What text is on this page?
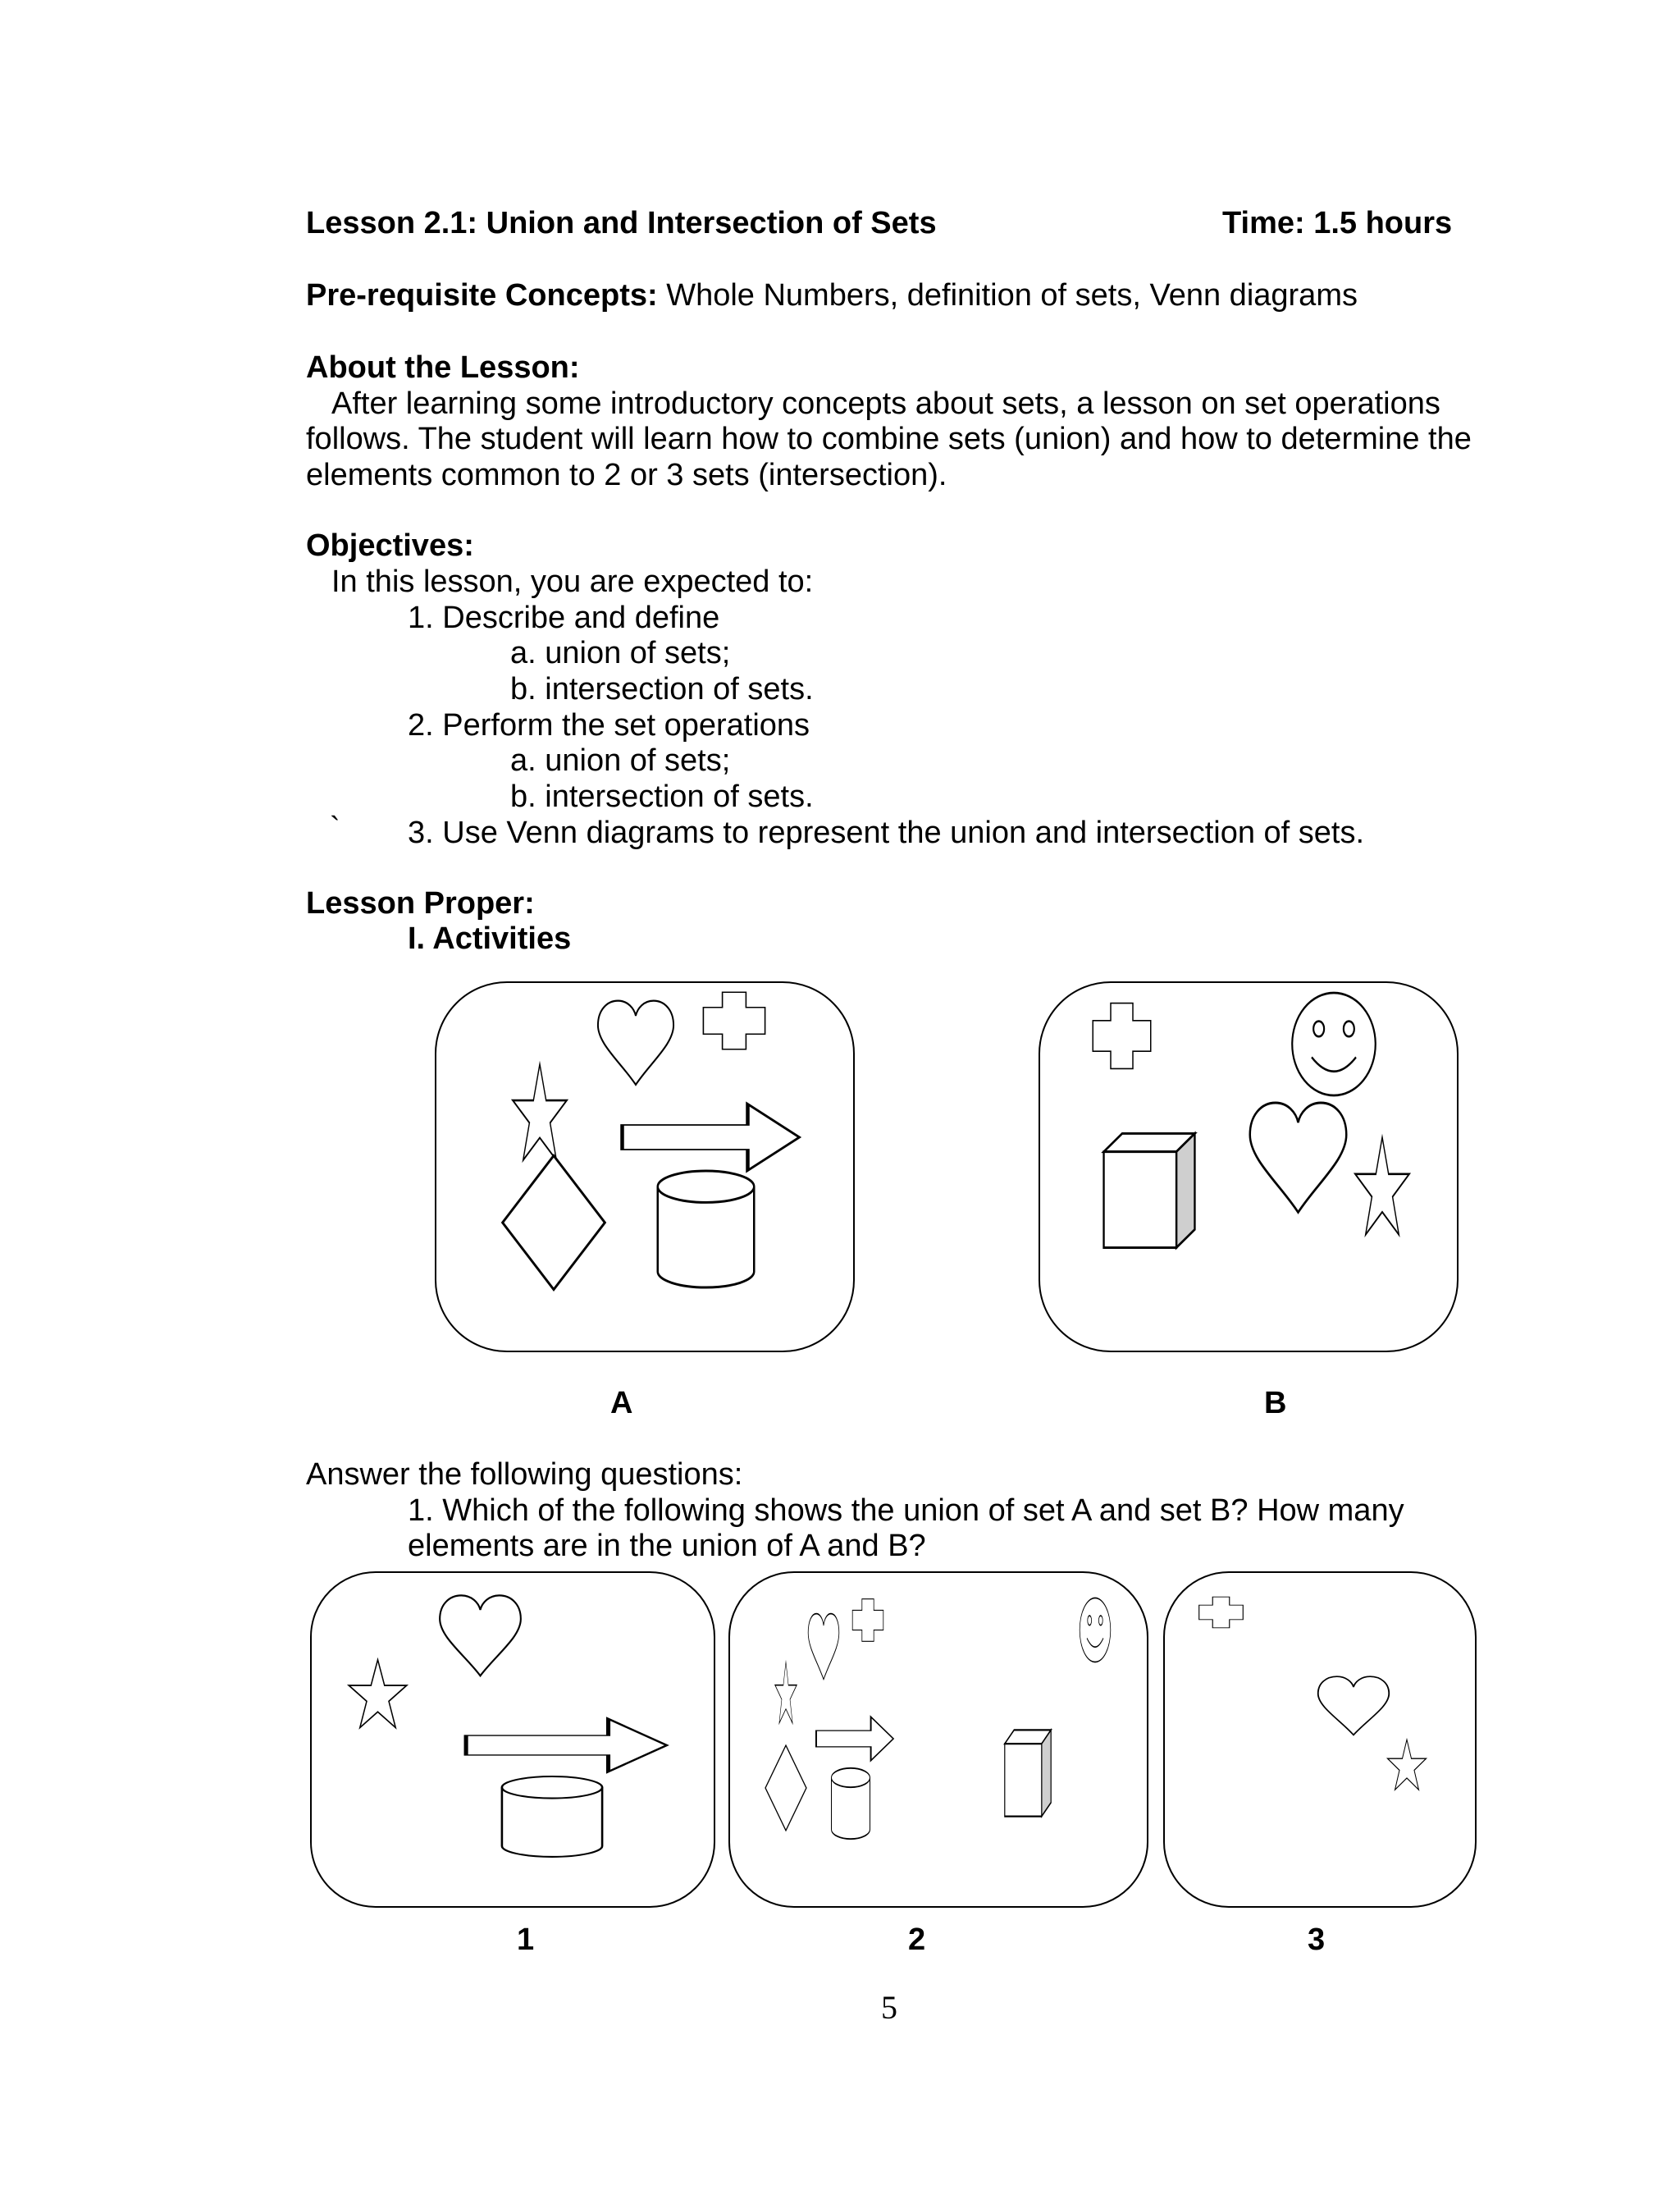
Lesson 2.1: Union and Intersection of Sets	Time: 1.5 hours
Pre-requisite Concepts: Whole Numbers, definition of sets, Venn diagrams
About the Lesson:
After learning some introductory concepts about sets, a lesson on set operations
follows. The student will learn how to combine sets (union) and how to determine the
elements common to 2 or 3 sets (intersection).
Objectives:
In this lesson, you are expected to:
1. Describe and define
a. union of sets;
b. intersection of sets.
2. Perform the set operations
a. union of sets;
b. intersection of sets.
` 3. Use Venn diagrams to represent the union and intersection of sets.
Lesson Proper:
I. Activities
A	B
Answer the following questions:
1. Which of the following shows the union of set A and set B? How many
elements are in the union of A and B?
1	2	3
5
